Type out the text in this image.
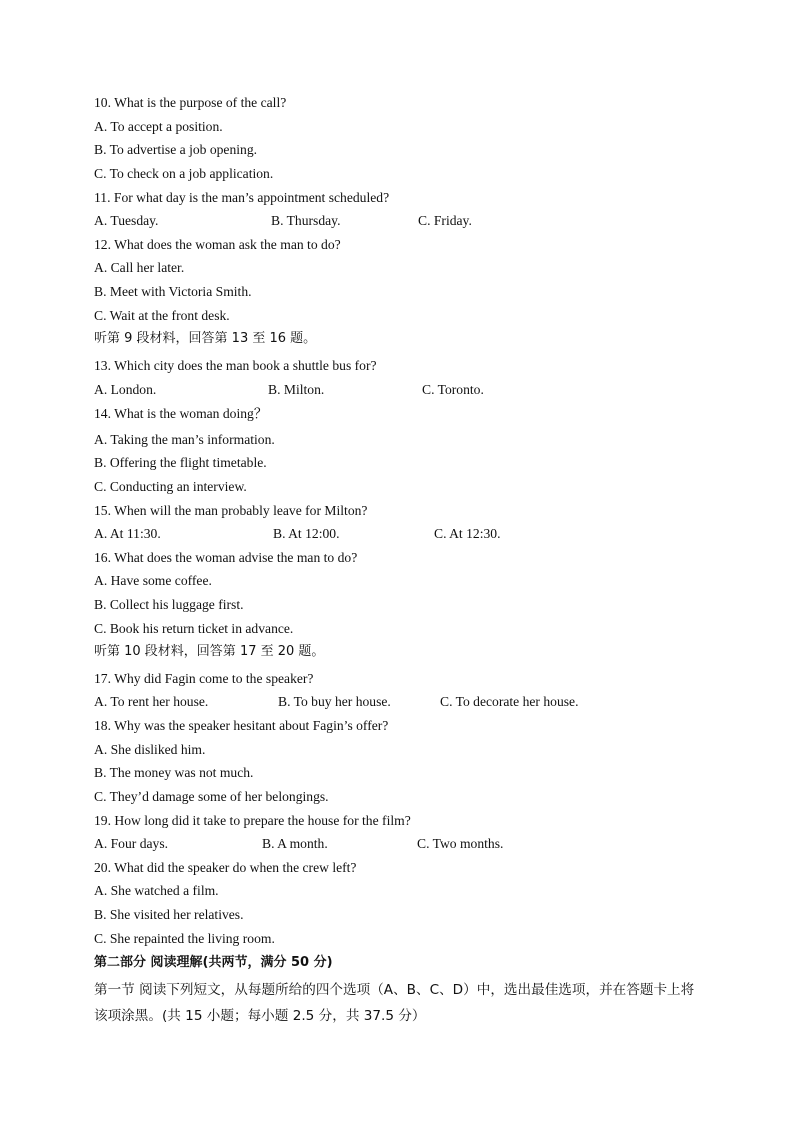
10. What is the purpose of the call?
A. To accept a position.
B. To advertise a job opening.
C. To check on a job application.
11. For what day is the man’s appointment scheduled?
A. Tuesday.	B. Thursday.	C. Friday.
12. What does the woman ask the man to do?
A. Call her later.
B. Meet with Victoria Smith.
C. Wait at the front desk.
听第 9 段材料，回答第 13 至 16 题。
13. Which city does the man book a shuttle bus for?
A. London.	B. Milton.	C. Toronto.
14. What is the woman doing？
A. Taking the man’s information.
B. Offering the flight timetable.
C. Conducting an interview.
15. When will the man probably leave for Milton?
A. At 11:30.	B. At 12:00.	C. At 12:30.
16. What does the woman advise the man to do?
A. Have some coffee.
B. Collect his luggage first.
C. Book his return ticket in advance.
听第 10 段材料，回答第 17 至 20 题。
17. Why did Fagin come to the speaker?
A. To rent her house.	B. To buy her house.	C. To decorate her house.
18. Why was the speaker hesitant about Fagin’s offer?
A. She disliked him.
B. The money was not much.
C. They’d damage some of her belongings.
19. How long did it take to prepare the house for the film?
A. Four days.	B. A month.	C. Two months.
20. What did the speaker do when the crew left?
A. She watched a film.
B. She visited her relatives.
C. She repainted the living room.
第二部分 阅读理解(共两节，满分 50 分)
第一节 阅读下列短文，从每题所给的四个选项（A、B、C、D）中，选出最佳选项，并在答题卡上将该项涂黑。(共 15 小题；每小题 2.5 分，共 37.5 分）
